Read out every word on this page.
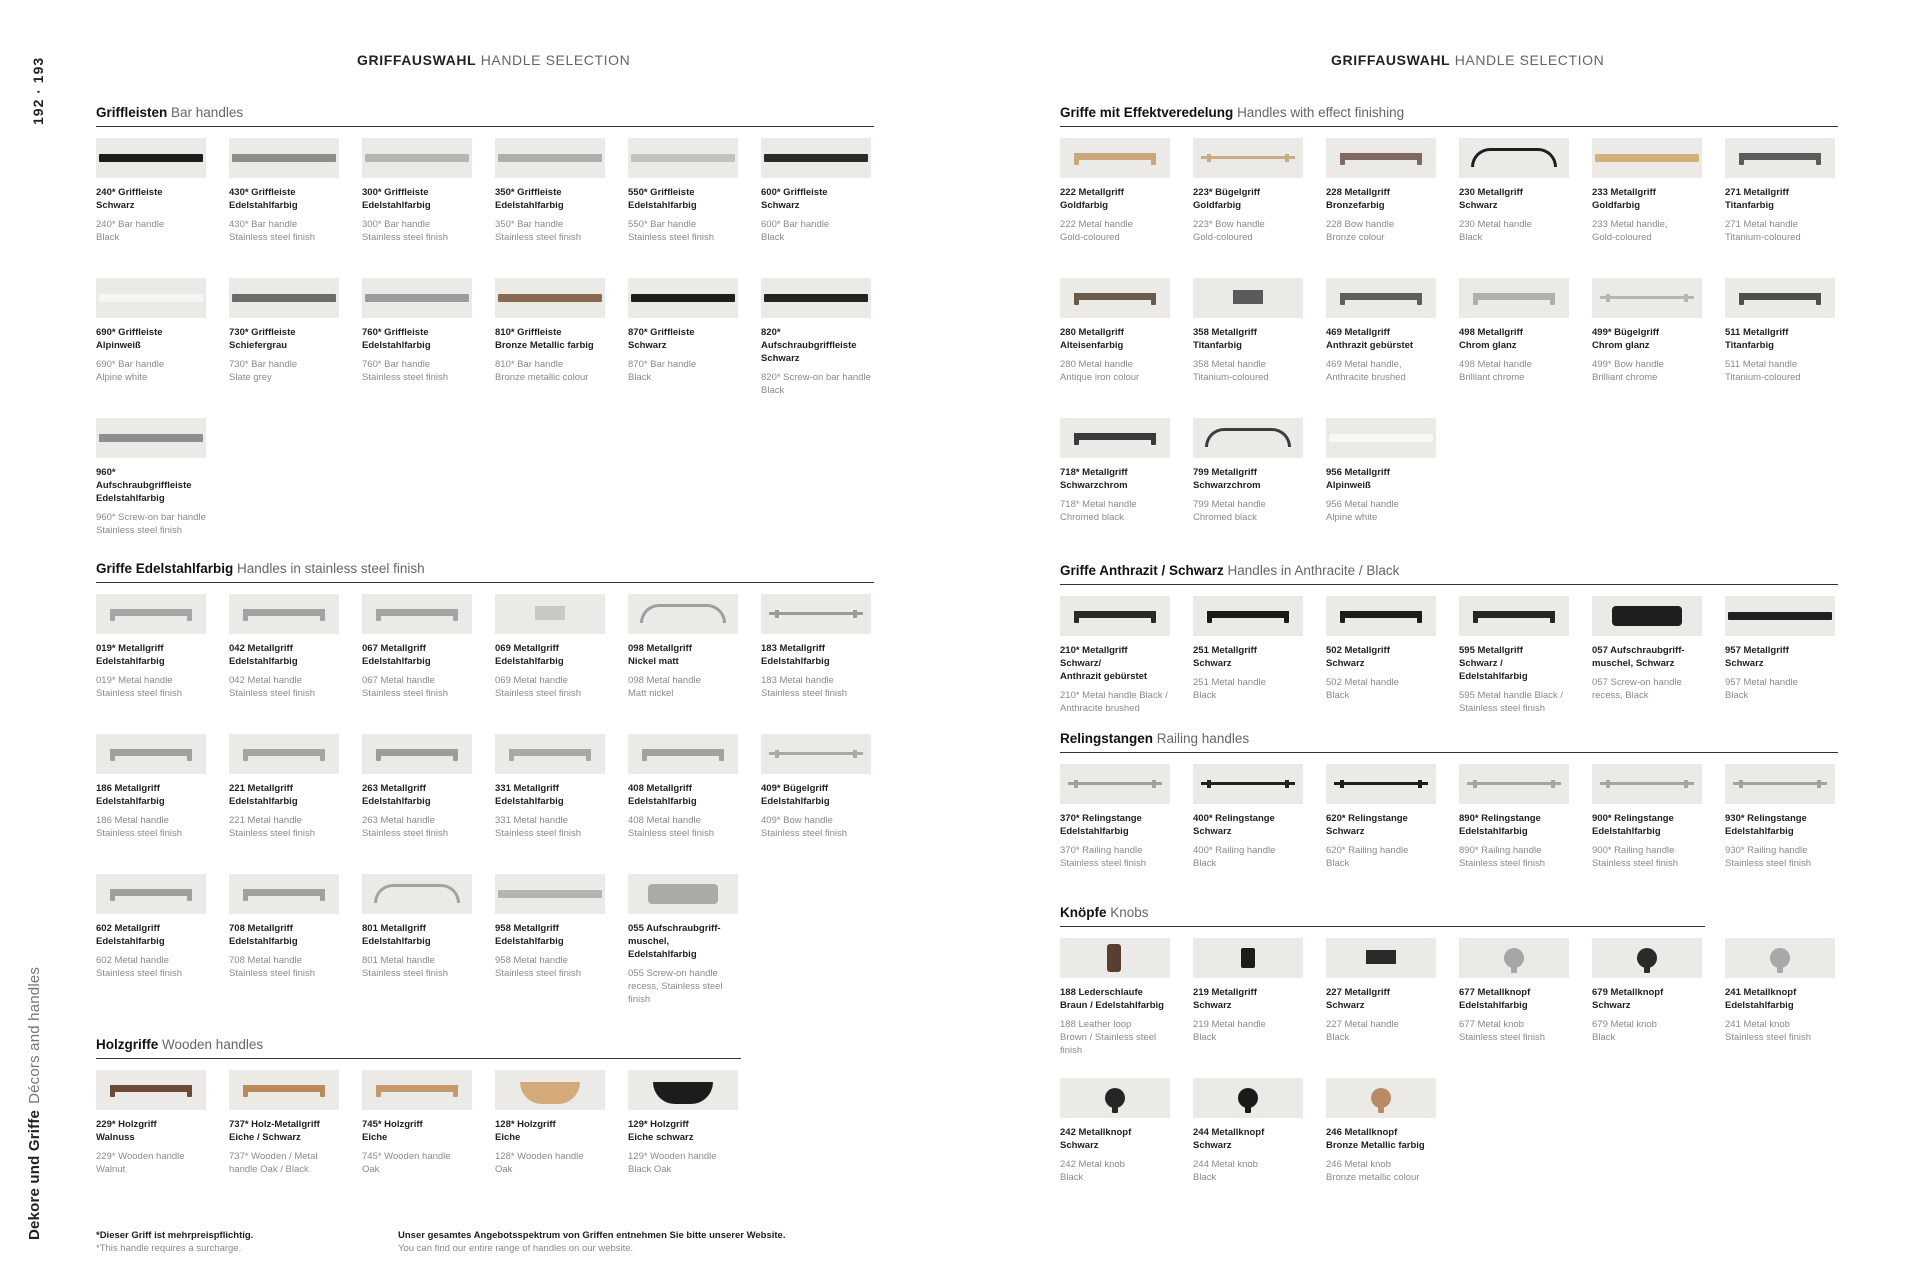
192 · 193
Dekore und GriffeDécors and handles
GRIFFAUSWAHL HANDLE SELECTION	GRIFFAUSWAHL HANDLE SELECTION
Griffleisten Bar handles
240* Griffleiste
Schwarz
240* Bar handle
Black
430* Griffleiste
Edelstahlfarbig
430* Bar handle
Stainless steel finish
300* Griffleiste
Edelstahlfarbig
300* Bar handle
Stainless steel finish
350* Griffleiste
Edelstahlfarbig
350* Bar handle
Stainless steel finish
550* Griffleiste
Edelstahlfarbig
550* Bar handle
Stainless steel finish
600* Griffleiste
Schwarz
600* Bar handle
Black
690* Griffleiste
Alpinweiß
690* Bar handle
Alpine white
730* Griffleiste
Schiefergrau
730* Bar handle
Slate grey
760* Griffleiste
Edelstahlfarbig
760* Bar handle
Stainless steel finish
810* Griffleiste
Bronze Metallic farbig
810* Bar handle
Bronze metallic colour
870* Griffleiste
Schwarz
870* Bar handle
Black
820* Aufschraubgriffleiste
Schwarz
820* Screw-on bar handle
Black
960* Aufschraubgriffleiste
Edelstahlfarbig
960* Screw-on bar handle
Stainless steel finish
Griffe Edelstahlfarbig Handles in stainless steel finish
019* Metallgriff
Edelstahlfarbig
019* Metal handle
Stainless steel finish
042 Metallgriff
Edelstahlfarbig
042 Metal handle
Stainless steel finish
067 Metallgriff
Edelstahlfarbig
067 Metal handle
Stainless steel finish
069 Metallgriff
Edelstahlfarbig
069 Metal handle
Stainless steel finish
098 Metallgriff
Nickel matt
098 Metal handle
Matt nickel
183 Metallgriff
Edelstahlfarbig
183 Metal handle
Stainless steel finish
186 Metallgriff
Edelstahlfarbig
186 Metal handle
Stainless steel finish
221 Metallgriff
Edelstahlfarbig
221 Metal handle
Stainless steel finish
263 Metallgriff
Edelstahlfarbig
263 Metal handle
Stainless steel finish
331 Metallgriff
Edelstahlfarbig
331 Metal handle
Stainless steel finish
408 Metallgriff
Edelstahlfarbig
408 Metal handle
Stainless steel finish
409* Bügelgriff
Edelstahlfarbig
409* Bow handle
Stainless steel finish
602 Metallgriff
Edelstahlfarbig
602 Metal handle
Stainless steel finish
708 Metallgriff
Edelstahlfarbig
708 Metal handle
Stainless steel finish
801 Metallgriff
Edelstahlfarbig
801 Metal handle
Stainless steel finish
958 Metallgriff
Edelstahlfarbig
958 Metal handle
Stainless steel finish
055 Aufschraubgriff-
muschel, Edelstahlfarbig
055 Screw-on handle
recess, Stainless steel
finish
Holzgriffe Wooden handles
229* Holzgriff
Walnuss
229* Wooden handle
Walnut
737* Holz-Metallgriff
Eiche / Schwarz
737* Wooden / Metal
handle Oak / Black
745* Holzgriff
Eiche
745* Wooden handle
Oak
128* Holzgriff
Eiche
128* Wooden handle
Oak
129* Holzgriff
Eiche schwarz
129* Wooden handle
Black Oak
Griffe mit Effektveredelung Handles with effect finishing
222 Metallgriff
Goldfarbig
222 Metal handle
Gold-coloured
223* Bügelgriff
Goldfarbig
223* Bow handle
Gold-coloured
228 Metallgriff
Bronzefarbig
228 Bow handle
Bronze colour
230 Metallgriff
Schwarz
230 Metal handle
Black
233 Metallgriff
Goldfarbig
233 Metal handle,
Gold-coloured
271 Metallgriff
Titanfarbig
271 Metal handle
Titanium-coloured
280 Metallgriff
Alteisenfarbig
280 Metal handle
Antique iron colour
358 Metallgriff
Titanfarbig
358 Metal handle
Titanium-coloured
469 Metallgriff
Anthrazit gebürstet
469 Metal handle,
Anthracite brushed
498 Metallgriff
Chrom glanz
498 Metal handle
Brilliant chrome
499* Bügelgriff
Chrom glanz
499* Bow handle
Brilliant chrome
511 Metallgriff
Titanfarbig
511 Metal handle
Titanium-coloured
718* Metallgriff
Schwarzchrom
718* Metal handle
Chromed black
799 Metallgriff
Schwarzchrom
799 Metal handle
Chromed black
956 Metallgriff
Alpinweiß
956 Metal handle
Alpine white
Griffe Anthrazit / Schwarz Handles in Anthracite / Black
210* Metallgriff Schwarz/
Anthrazit gebürstet
210* Metal handle Black /
Anthracite brushed
251 Metallgriff
Schwarz
251 Metal handle
Black
502 Metallgriff
Schwarz
502 Metal handle
Black
595 Metallgriff
Schwarz / Edelstahlfarbig
595 Metal handle Black /
Stainless steel finish
057 Aufschraubgriff-
muschel, Schwarz
057 Screw-on handle
recess, Black
957 Metallgriff
Schwarz
957 Metal handle
Black
Relingstangen Railing handles
370* Relingstange
Edelstahlfarbig
370* Railing handle
Stainless steel finish
400* Relingstange
Schwarz
400* Railing handle
Black
620* Relingstange
Schwarz
620* Railing handle
Black
890* Relingstange
Edelstahlfarbig
890* Railing handle
Stainless steel finish
900* Relingstange
Edelstahlfarbig
900* Railing handle
Stainless steel finish
930* Relingstange
Edelstahlfarbig
930* Railing handle
Stainless steel finish
Knöpfe Knobs
188 Lederschlaufe
Braun / Edelstahlfarbig
188 Leather loop
Brown / Stainless steel
finish
219 Metallgriff
Schwarz
219 Metal handle
Black
227 Metallgriff
Schwarz
227 Metal handle
Black
677 Metallknopf
Edelstahlfarbig
677 Metal knob
Stainless steel finish
679 Metallknopf
Schwarz
679 Metal knob
Black
241 Metallknopf
Edelstahlfarbig
241 Metal knob
Stainless steel finish
242 Metallknopf
Schwarz
242 Metal knob
Black
244 Metallknopf
Schwarz
244 Metal knob
Black
246 Metallknopf
Bronze Metallic farbig
246 Metal knob
Bronze metallic colour
*Dieser Griff ist mehrpreispflichtig.
*This handle requires a surcharge.
Unser gesamtes Angebotsspektrum von Griffen entnehmen Sie bitte unserer Website.
You can find our entire range of handles on our website.
